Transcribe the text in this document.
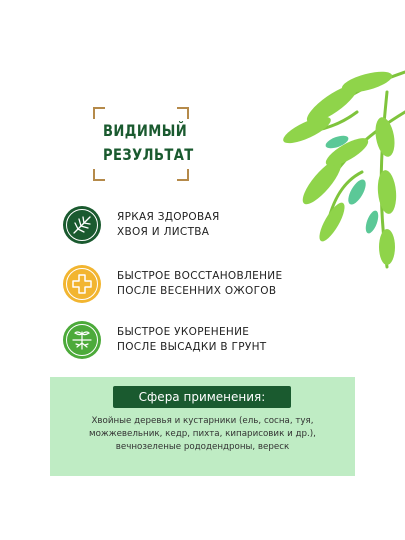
ВИДИМЫЙ
РЕЗУЛЬТАТ
ЯРКАЯ ЗДОРОВАЯ
ХВОЯ И ЛИСТВА
БЫСТРОЕ ВОССТАНОВЛЕНИЕ
ПОСЛЕ ВЕСЕННИХ ОЖОГОВ
БЫСТРОЕ УКОРЕНЕНИЕ
ПОСЛЕ ВЫСАДКИ В ГРУНТ
Сфера применения:
Хвойные деревья и кустарники (ель, сосна, туя, можжевельник, кедр, пихта, кипарисовик и др.), вечнозеленые рододендроны, вереск
